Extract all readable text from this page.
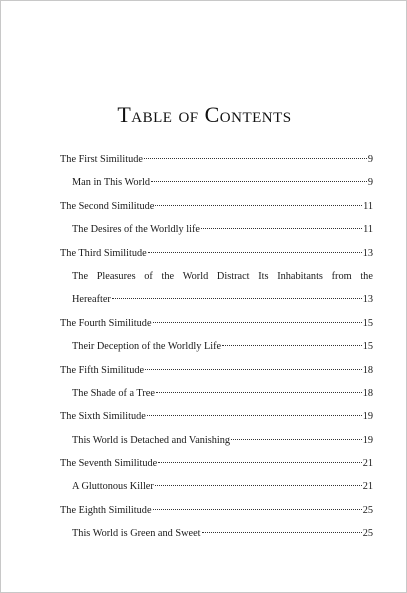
Table of Contents
The First Similitude	9
Man in This World	9
The Second Similitude	11
The Desires of the Worldly life	11
The Third Similitude	13
The Pleasures of the World Distract Its Inhabitants from the
Hereafter	13
The Fourth Similitude	15
Their Deception of the Worldly Life	15
The Fifth Similitude	18
The Shade of a Tree	18
The Sixth Similitude	19
This World is Detached and Vanishing	19
The Seventh Similitude	21
A Gluttonous Killer	21
The Eighth Similitude	25
This World is Green and Sweet	25
